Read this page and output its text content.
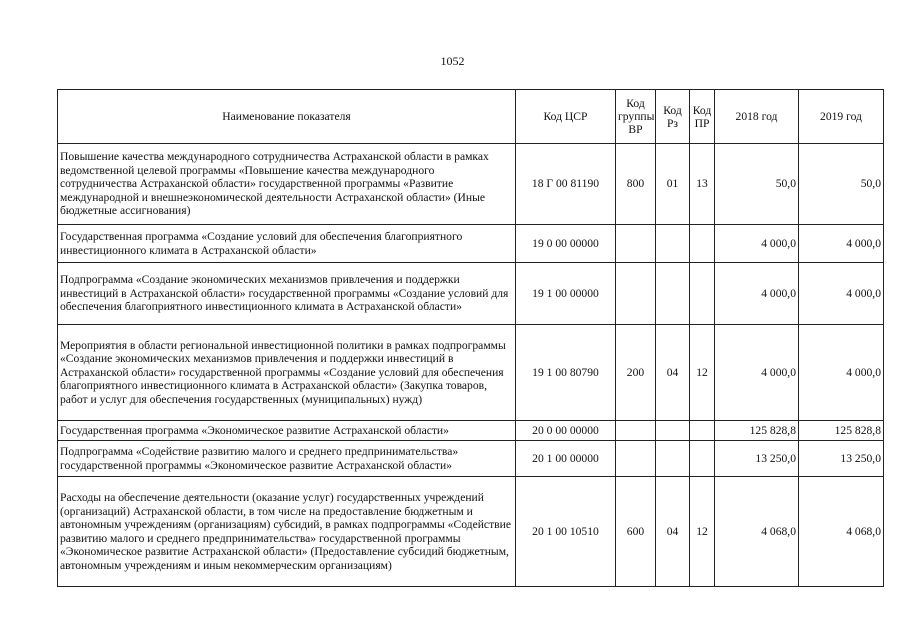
1052
Наименование показателя	Код ЦСР	Код группы ВР	Код Рз	Код ПР	2018 год	2019 год
Повышение качества международного сотрудничества Астраханской области в рамках ведомственной целевой программы «Повышение качества международного сотрудничества Астраханской области» государственной программы «Развитие международной и внешнеэкономической деятельности Астраханской области» (Иные бюджетные ассигнования)	18 Г 00 81190	800	01	13	50,0	50,0
Государственная программа «Создание условий для обеспечения благоприятного инвестиционного климата в Астраханской области»	19 0 00 00000				4 000,0	4 000,0
Подпрограмма «Создание экономических механизмов привлечения и поддержки инвестиций в Астраханской области» государственной программы «Создание условий для обеспечения благоприятного инвестиционного климата в Астраханской области»	19 1 00 00000				4 000,0	4 000,0
Мероприятия в области региональной инвестиционной политики в рамках подпрограммы «Создание экономических механизмов привлечения и поддержки инвестиций в Астраханской области» государственной программы «Создание условий для обеспечения благоприятного инвестиционного климата в Астраханской области» (Закупка товаров, работ и услуг для обеспечения государственных (муниципальных) нужд)	19 1 00 80790	200	04	12	4 000,0	4 000,0
Государственная программа «Экономическое развитие Астраханской области»	20 0 00 00000				125 828,8	125 828,8
Подпрограмма «Содействие развитию малого и среднего предпринимательства» государственной программы «Экономическое развитие Астраханской области»	20 1 00 00000				13 250,0	13 250,0
Расходы на обеспечение деятельности (оказание услуг) государственных учреждений (организаций) Астраханской области, в том числе на предоставление бюджетным и автономным учреждениям (организациям) субсидий, в рамках подпрограммы «Содействие развитию малого и среднего предпринимательства» государственной программы «Экономическое развитие Астраханской области» (Предоставление субсидий бюджетным, автономным учреждениям и иным некоммерческим организациям)	20 1 00 10510	600	04	12	4 068,0	4 068,0
